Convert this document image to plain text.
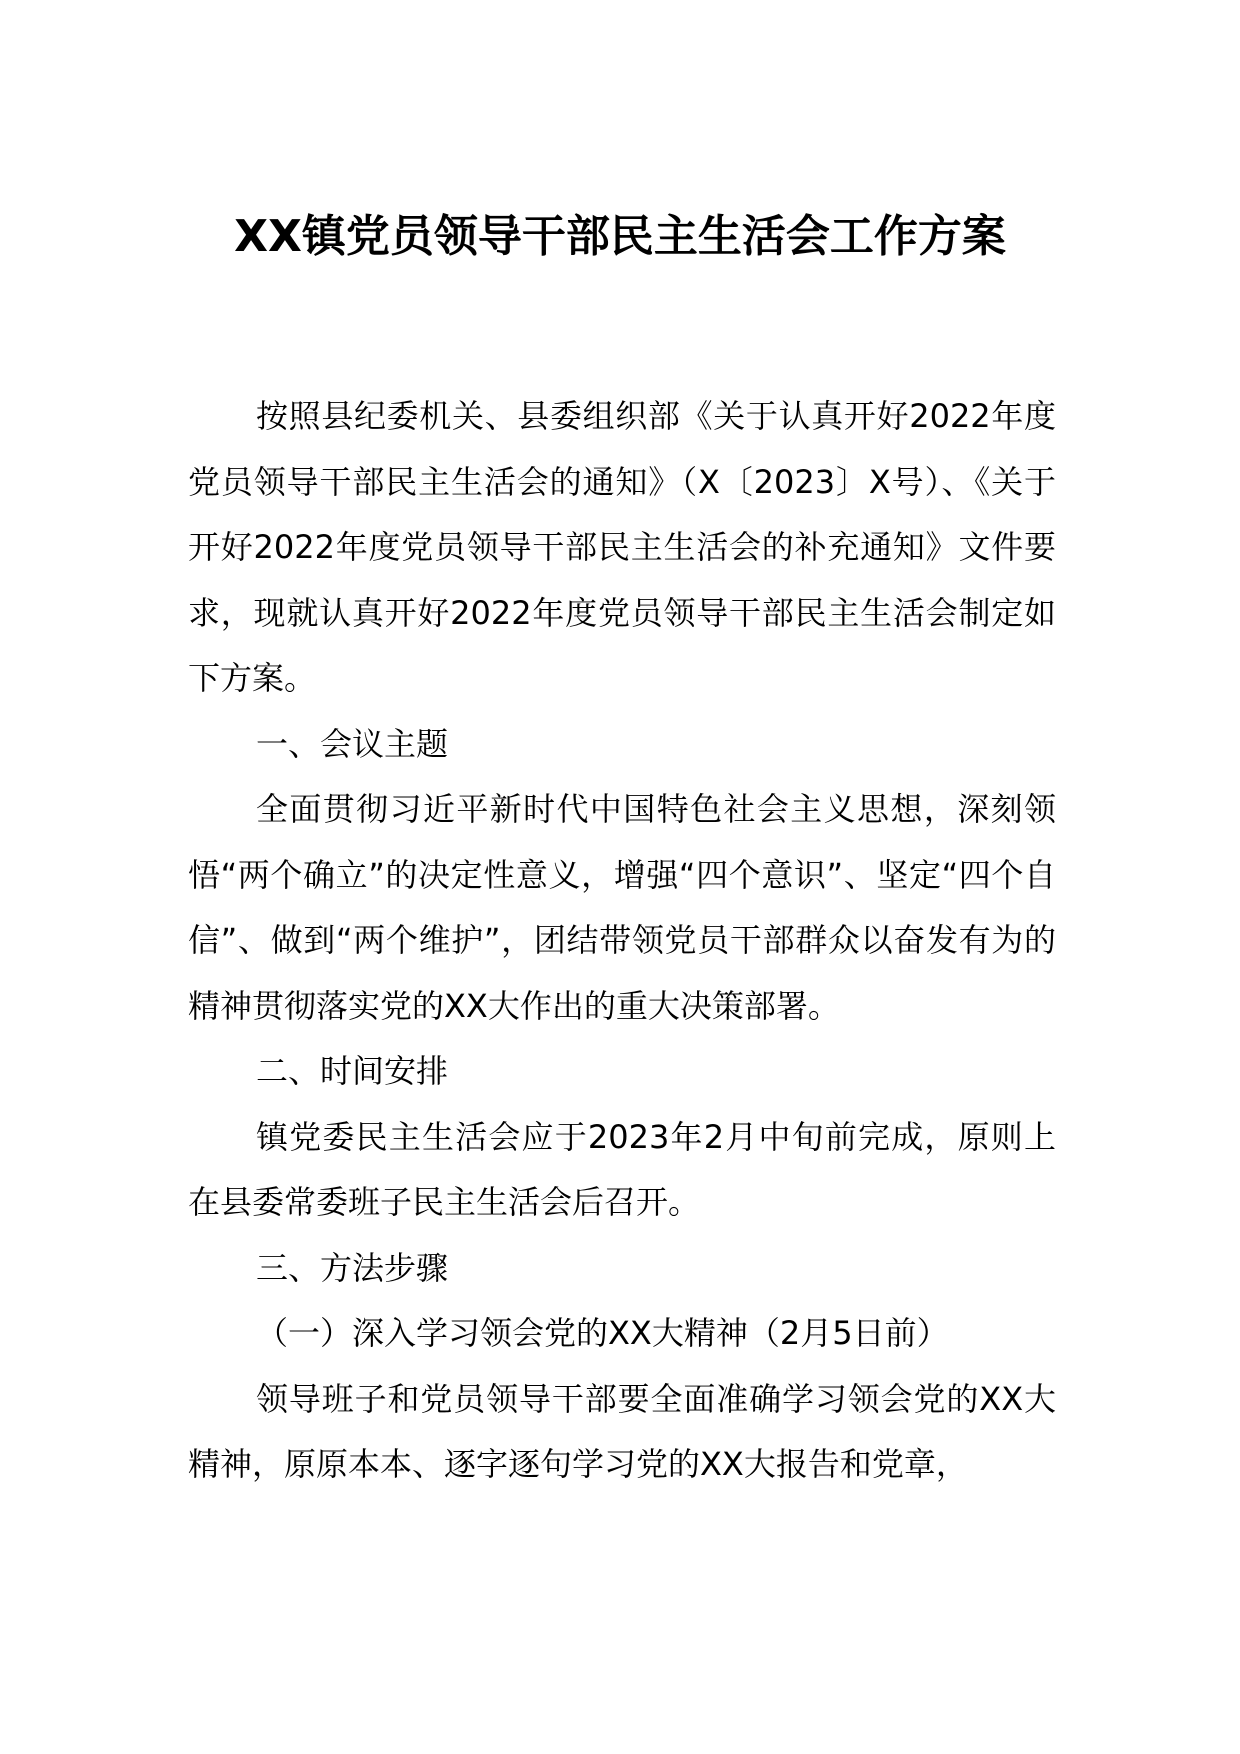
XX镇党员领导干部民主生活会工作方案

按照县纪委机关、县委组织部《关于认真开好2022年度党员领导干部民主生活会的通知》（X〔2023〕X号）、《关于开好2022年度党员领导干部民主生活会的补充通知》文件要求，现就认真开好2022年度党员领导干部民主生活会制定如下方案。

一、会议主题

全面贯彻习近平新时代中国特色社会主义思想，深刻领悟“两个确立”的决定性意义，增强“四个意识”、坚定“四个自信”、做到“两个维护”，团结带领党员干部群众以奋发有为的精神贯彻落实党的XX大作出的重大决策部署。

二、时间安排

镇党委民主生活会应于2023年2月中旬前完成，原则上在县委常委班子民主生活会后召开。

三、方法步骤

（一）深入学习领会党的XX大精神（2月5日前）

领导班子和党员领导干部要全面准确学习领会党的XX大精神，原原本本、逐字逐句学习党的XX大报告和党章，
